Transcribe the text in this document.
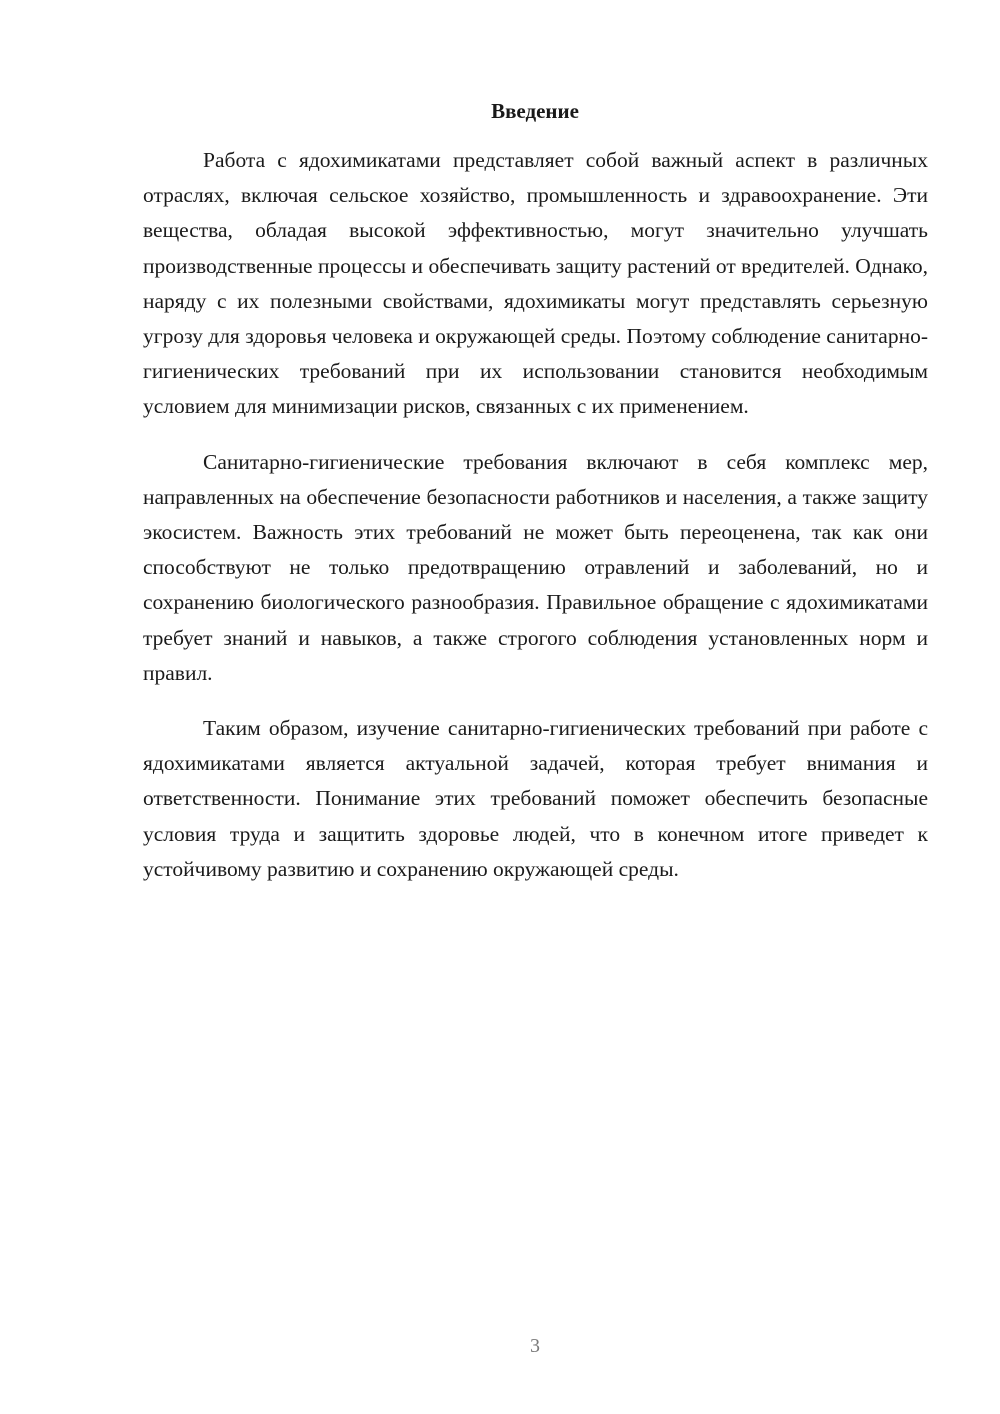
Введение

Работа с ядохимикатами представляет собой важный аспект в различных отраслях, включая сельское хозяйство, промышленность и здравоохранение. Эти вещества, обладая высокой эффективностью, могут значительно улучшать производственные процессы и обеспечивать защиту растений от вредителей. Однако, наряду с их полезными свойствами, ядохимикаты могут представлять серьезную угрозу для здоровья человека и окружающей среды. Поэтому соблюдение санитарно-гигиенических требований при их использовании становится необходимым условием для минимизации рисков, связанных с их применением.

Санитарно-гигиенические требования включают в себя комплекс мер, направленных на обеспечение безопасности работников и населения, а также защиту экосистем. Важность этих требований не может быть переоценена, так как они способствуют не только предотвращению отравлений и заболеваний, но и сохранению биологического разнообразия. Правильное обращение с ядохимикатами требует знаний и навыков, а также строгого соблюдения установленных норм и правил.

Таким образом, изучение санитарно-гигиенических требований при работе с ядохимикатами является актуальной задачей, которая требует внимания и ответственности. Понимание этих требований поможет обеспечить безопасные условия труда и защитить здоровье людей, что в конечном итоге приведет к устойчивому развитию и сохранению окружающей среды.

3
